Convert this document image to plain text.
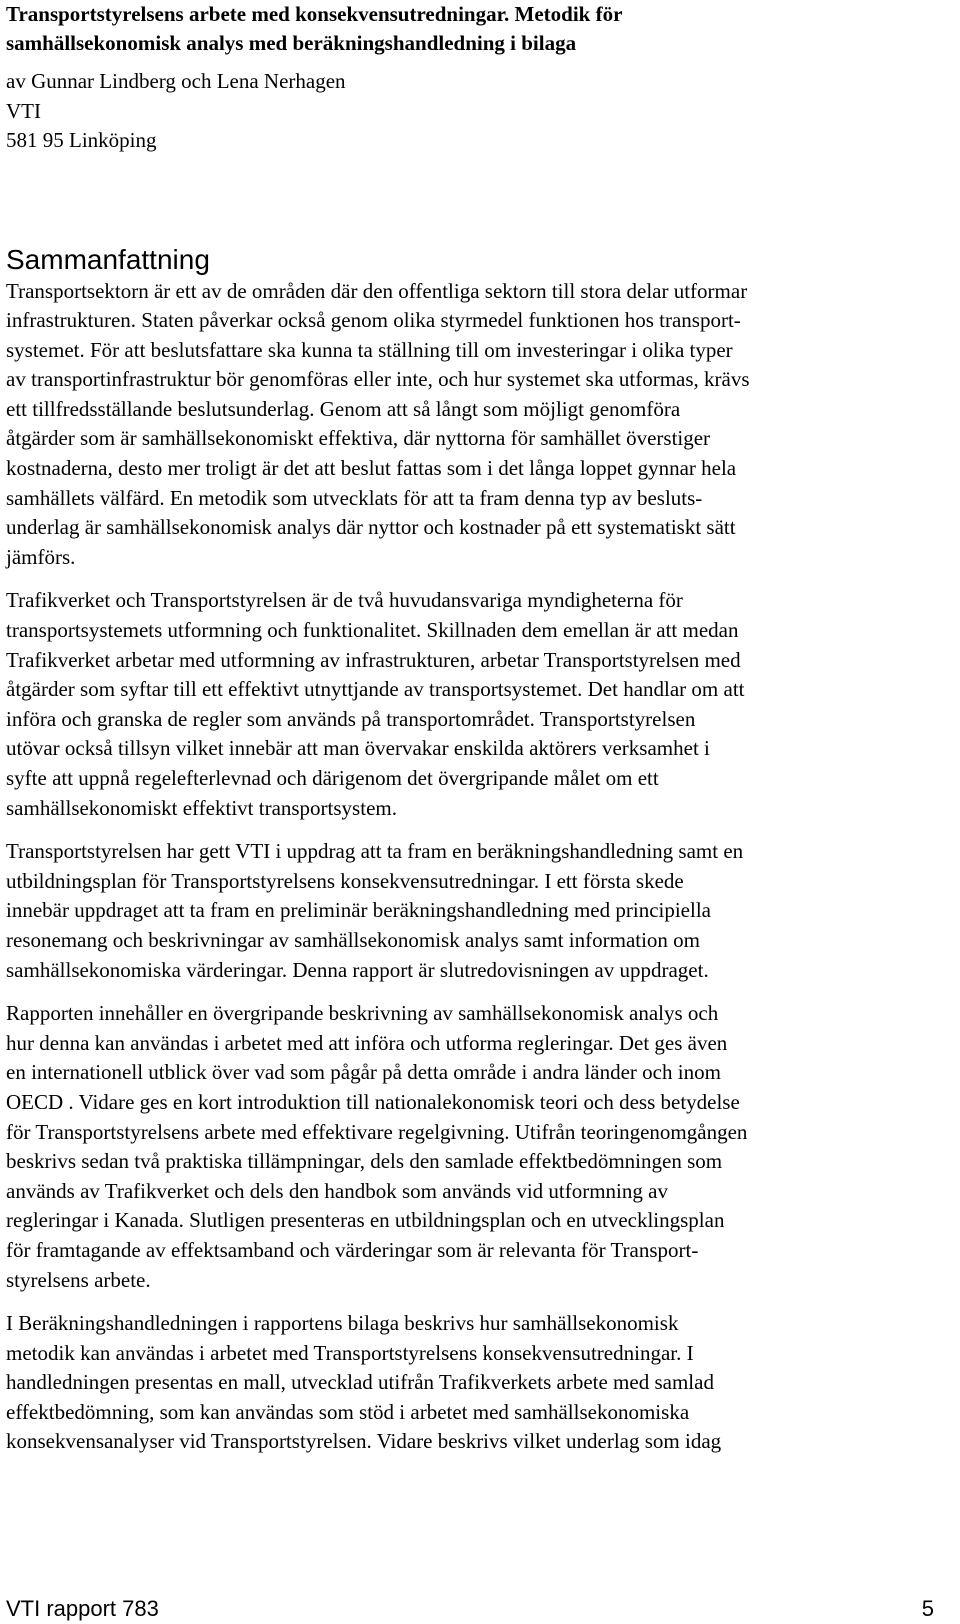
Transportstyrelsens arbete med konsekvensutredningar. Metodik för
samhällsekonomisk analys med beräkningshandledning i bilaga
av Gunnar Lindberg och Lena Nerhagen
VTI
581 95 Linköping
Sammanfattning

Transportsektorn är ett av de områden där den offentliga sektorn till stora delar utformar
infrastrukturen. Staten påverkar också genom olika styrmedel funktionen hos transport-
systemet. För att beslutsfattare ska kunna ta ställning till om investeringar i olika typer
av transportinfrastruktur bör genomföras eller inte, och hur systemet ska utformas, krävs
ett tillfredsställande beslutsunderlag. Genom att så långt som möjligt genomföra
åtgärder som är samhällsekonomiskt effektiva, där nyttorna för samhället överstiger
kostnaderna, desto mer troligt är det att beslut fattas som i det långa loppet gynnar hela
samhällets välfärd. En metodik som utvecklats för att ta fram denna typ av besluts-
underlag är samhällsekonomisk analys där nyttor och kostnader på ett systematiskt sätt
jämförs.

Trafikverket och Transportstyrelsen är de två huvudansvariga myndigheterna för
transportsystemets utformning och funktionalitet. Skillnaden dem emellan är att medan
Trafikverket arbetar med utformning av infrastrukturen, arbetar Transportstyrelsen med
åtgärder som syftar till ett effektivt utnyttjande av transportsystemet. Det handlar om att
införa och granska de regler som används på transportområdet. Transportstyrelsen
utövar också tillsyn vilket innebär att man övervakar enskilda aktörers verksamhet i
syfte att uppnå regelefterlevnad och därigenom det övergripande målet om ett
samhällsekonomiskt effektivt transportsystem.

Transportstyrelsen har gett VTI i uppdrag att ta fram en beräkningshandledning samt en
utbildningsplan för Transportstyrelsens konsekvensutredningar. I ett första skede
innebär uppdraget att ta fram en preliminär beräkningshandledning med principiella
resonemang och beskrivningar av samhällsekonomisk analys samt information om
samhällsekonomiska värderingar. Denna rapport är slutredovisningen av uppdraget.

Rapporten innehåller en övergripande beskrivning av samhällsekonomisk analys och
hur denna kan användas i arbetet med att införa och utforma regleringar. Det ges även
en internationell utblick över vad som pågår på detta område i andra länder och inom
OECD . Vidare ges en kort introduktion till nationalekonomisk teori och dess betydelse
för Transportstyrelsens arbete med effektivare regelgivning. Utifrån teoringenomgången
beskrivs sedan två praktiska tillämpningar, dels den samlade effektbedömningen som
används av Trafikverket och dels den handbok som används vid utformning av
regleringar i Kanada. Slutligen presenteras en utbildningsplan och en utvecklingsplan
för framtagande av effektsamband och värderingar som är relevanta för Transport-
styrelsens arbete.

I Beräkningshandledningen i rapportens bilaga beskrivs hur samhällsekonomisk
metodik kan användas i arbetet med Transportstyrelsens konsekvensutredningar. I
handledningen presentas en mall, utvecklad utifrån Trafikverkets arbete med samlad
effektbedömning, som kan användas som stöd i arbetet med samhällsekonomiska
konsekvensanalyser vid Transportstyrelsen. Vidare beskrivs vilket underlag som idag

VTI rapport 783	5
